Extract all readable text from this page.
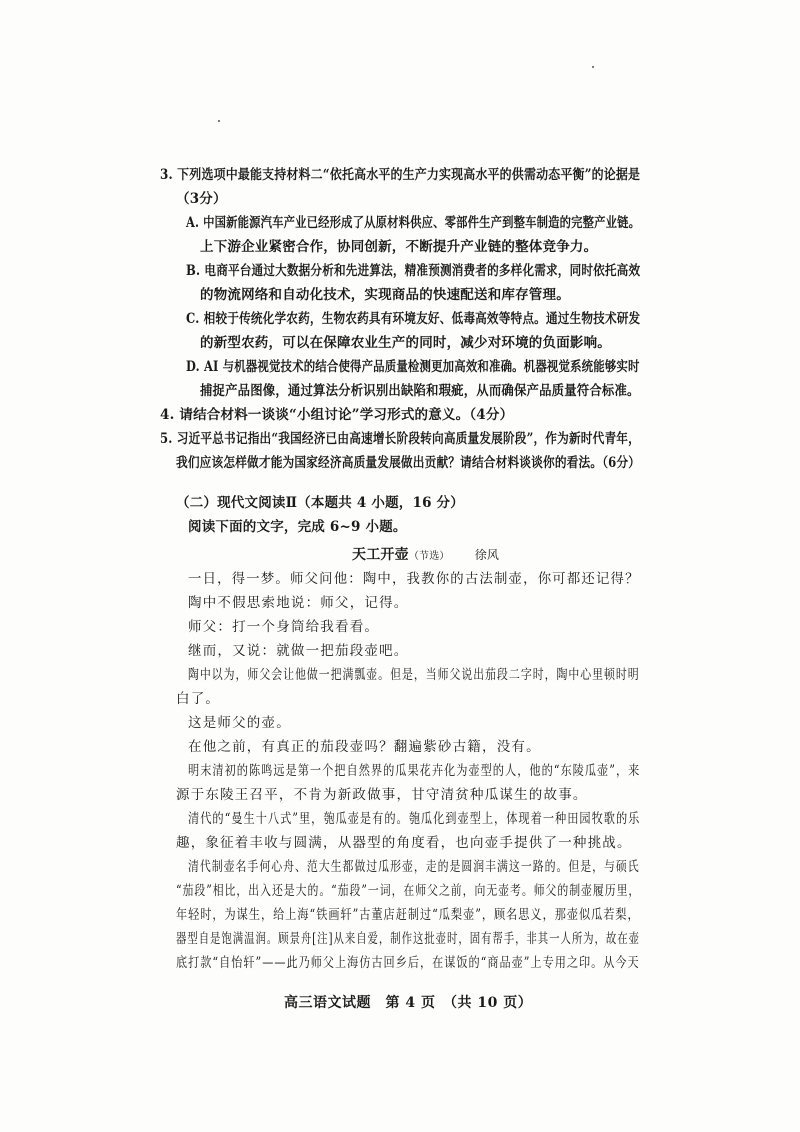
3. 下列选项中最能支持材料二“依托高水平的生产力实现高水平的供需动态平衡”的论据是
（3分）
A. 中国新能源汽车产业已经形成了从原材料供应、零部件生产到整车制造的完整产业链。
上下游企业紧密合作，协同创新，不断提升产业链的整体竞争力。
B. 电商平台通过大数据分析和先进算法，精准预测消费者的多样化需求，同时依托高效
的物流网络和自动化技术，实现商品的快速配送和库存管理。
C. 相较于传统化学农药，生物农药具有环境友好、低毒高效等特点。通过生物技术研发
的新型农药，可以在保障农业生产的同时，减少对环境的负面影响。
D. AI 与机器视觉技术的结合使得产品质量检测更加高效和准确。机器视觉系统能够实时
捕捉产品图像，通过算法分析识别出缺陷和瑕疵，从而确保产品质量符合标准。
4. 请结合材料一谈谈“小组讨论”学习形式的意义。（4分）
5. 习近平总书记指出“我国经济已由高速增长阶段转向高质量发展阶段”，作为新时代青年，
我们应该怎样做才能为国家经济高质量发展做出贡献？请结合材料谈谈你的看法。（6分）
（二）现代文阅读Ⅱ（本题共 4 小题，16 分）
阅读下面的文字，完成 6~9 小题。
天工开壶（节选） 徐风
一日，得一梦。师父问他：陶中，我教你的古法制壶，你可都还记得？
陶中不假思索地说：师父，记得。
师父：打一个身筒给我看看。
继而，又说：就做一把茄段壶吧。
陶中以为，师父会让他做一把满瓢壶。但是，当师父说出茄段二字时，陶中心里顿时明
白了。
这是师父的壶。
在他之前，有真正的茄段壶吗？翻遍紫砂古籍，没有。
明末清初的陈鸣远是第一个把自然界的瓜果花卉化为壶型的人，他的“东陵瓜壶”，来
源于东陵王召平，不肯为新政做事，甘守清贫种瓜谋生的故事。
清代的“曼生十八式”里，匏瓜壶是有的。匏瓜化到壶型上，体现着一种田园牧歌的乐
趣，象征着丰收与圆满，从器型的角度看，也向壶手提供了一种挑战。
清代制壶名手何心舟、范大生都做过瓜形壶，走的是圆润丰满这一路的。但是，与硕氏
“茄段”相比，出入还是大的。“茄段”一词，在师父之前，向无壶考。师父的制壶履历里，
年轻时，为谋生，给上海“铁画轩”古董店赶制过“瓜梨壶”，顾名思义，那壶似瓜若梨，
器型自是饱满温润。顾景舟[注]从来自爱，制作这批壶时，固有帮手，非其一人所为，故在壶
底打款“自怡轩”——此乃师父上海仿古回乡后，在谋饭的“商品壶”上专用之印。从今天
高三语文试题　第 4 页　（共 10 页）
